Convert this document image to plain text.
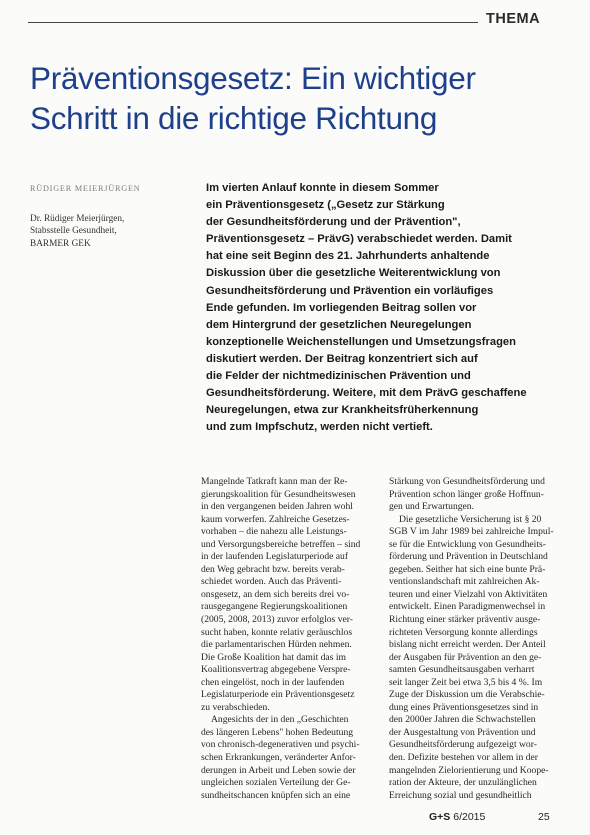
THEMA
Präventionsgesetz: Ein wichtiger
Schritt in die richtige Richtung
RÜDIGER MEIERJÜRGEN
Dr. Rüdiger Meierjürgen,
Stabsstelle Gesundheit,
BARMER GEK
Im vierten Anlauf konnte in diesem Sommer
ein Präventionsgesetz („Gesetz zur Stärkung
der Gesundheitsförderung und der Prävention",
Präventionsgesetz – PrävG) verabschiedet werden. Damit
hat eine seit Beginn des 21. Jahrhunderts anhaltende
Diskussion über die gesetzliche Weiterentwicklung von
Gesundheitsförderung und Prävention ein vorläufiges
Ende gefunden. Im vorliegenden Beitrag sollen vor
dem Hintergrund der gesetzlichen Neuregelungen
konzeptionelle Weichenstellungen und Umsetzungsfragen
diskutiert werden. Der Beitrag konzentriert sich auf
die Felder der nichtmedizinischen Prävention und
Gesundheitsförderung. Weitere, mit dem PrävG geschaffene
Neuregelungen, etwa zur Krankheitsfrüherkennung
und zum Impfschutz, werden nicht vertieft.
Mangelnde Tatkraft kann man der Re-
gierungskoalition für Gesundheitswesen
in den vergangenen beiden Jahren wohl
kaum vorwerfen. Zahlreiche Gesetzes-
vorhaben – die nahezu alle Leistungs-
und Versorgungsbereiche betreffen – sind
in der laufenden Legislaturperiode auf
den Weg gebracht bzw. bereits verab-
schiedet worden. Auch das Präventi-
onsgesetz, an dem sich bereits drei vo-
rausgegangene Regierungskoalitionen
(2005, 2008, 2013) zuvor erfolglos ver-
sucht haben, konnte relativ geräuschlos
die parlamentarischen Hürden nehmen.
Die Große Koalition hat damit das im
Koalitionsvertrag abgegebene Verspre-
chen eingelöst, noch in der laufenden
Legislaturperiode ein Präventionsgesetz
zu verabschieden.
Angesichts der in den „Geschichten
des längeren Lebens" hohen Bedeutung
von chronisch-degenerativen und psychi-
schen Erkrankungen, veränderter Anfor-
derungen in Arbeit und Leben sowie der
ungleichen sozialen Verteilung der Ge-
sundheitschancen knüpfen sich an eine
Stärkung von Gesundheitsförderung und
Prävention schon länger große Hoffnun-
gen und Erwartungen.
Die gesetzliche Versicherung ist § 20
SGB V im Jahr 1989 bei zahlreiche Impul-
se für die Entwicklung von Gesundheits-
förderung und Prävention in Deutschland
gegeben. Seither hat sich eine bunte Prä-
ventionslandschaft mit zahlreichen Ak-
teuren und einer Vielzahl von Aktivitäten
entwickelt. Einen Paradigmenwechsel in
Richtung einer stärker präventiv ausge-
richteten Versorgung konnte allerdings
bislang nicht erreicht werden. Der Anteil
der Ausgaben für Prävention an den ge-
samten Gesundheitsausgaben verharrt
seit langer Zeit bei etwa 3,5 bis 4 %. Im
Zuge der Diskussion um die Verabschie-
dung eines Präventionsgesetzes sind in
den 2000er Jahren die Schwachstellen
der Ausgestaltung von Prävention und
Gesundheitsförderung aufgezeigt wor-
den. Defizite bestehen vor allem in der
mangelnden Zielorientierung und Koope-
ration der Akteure, der unzulänglichen
Erreichung sozial und gesundheitlich
G+S 6/2015	25
